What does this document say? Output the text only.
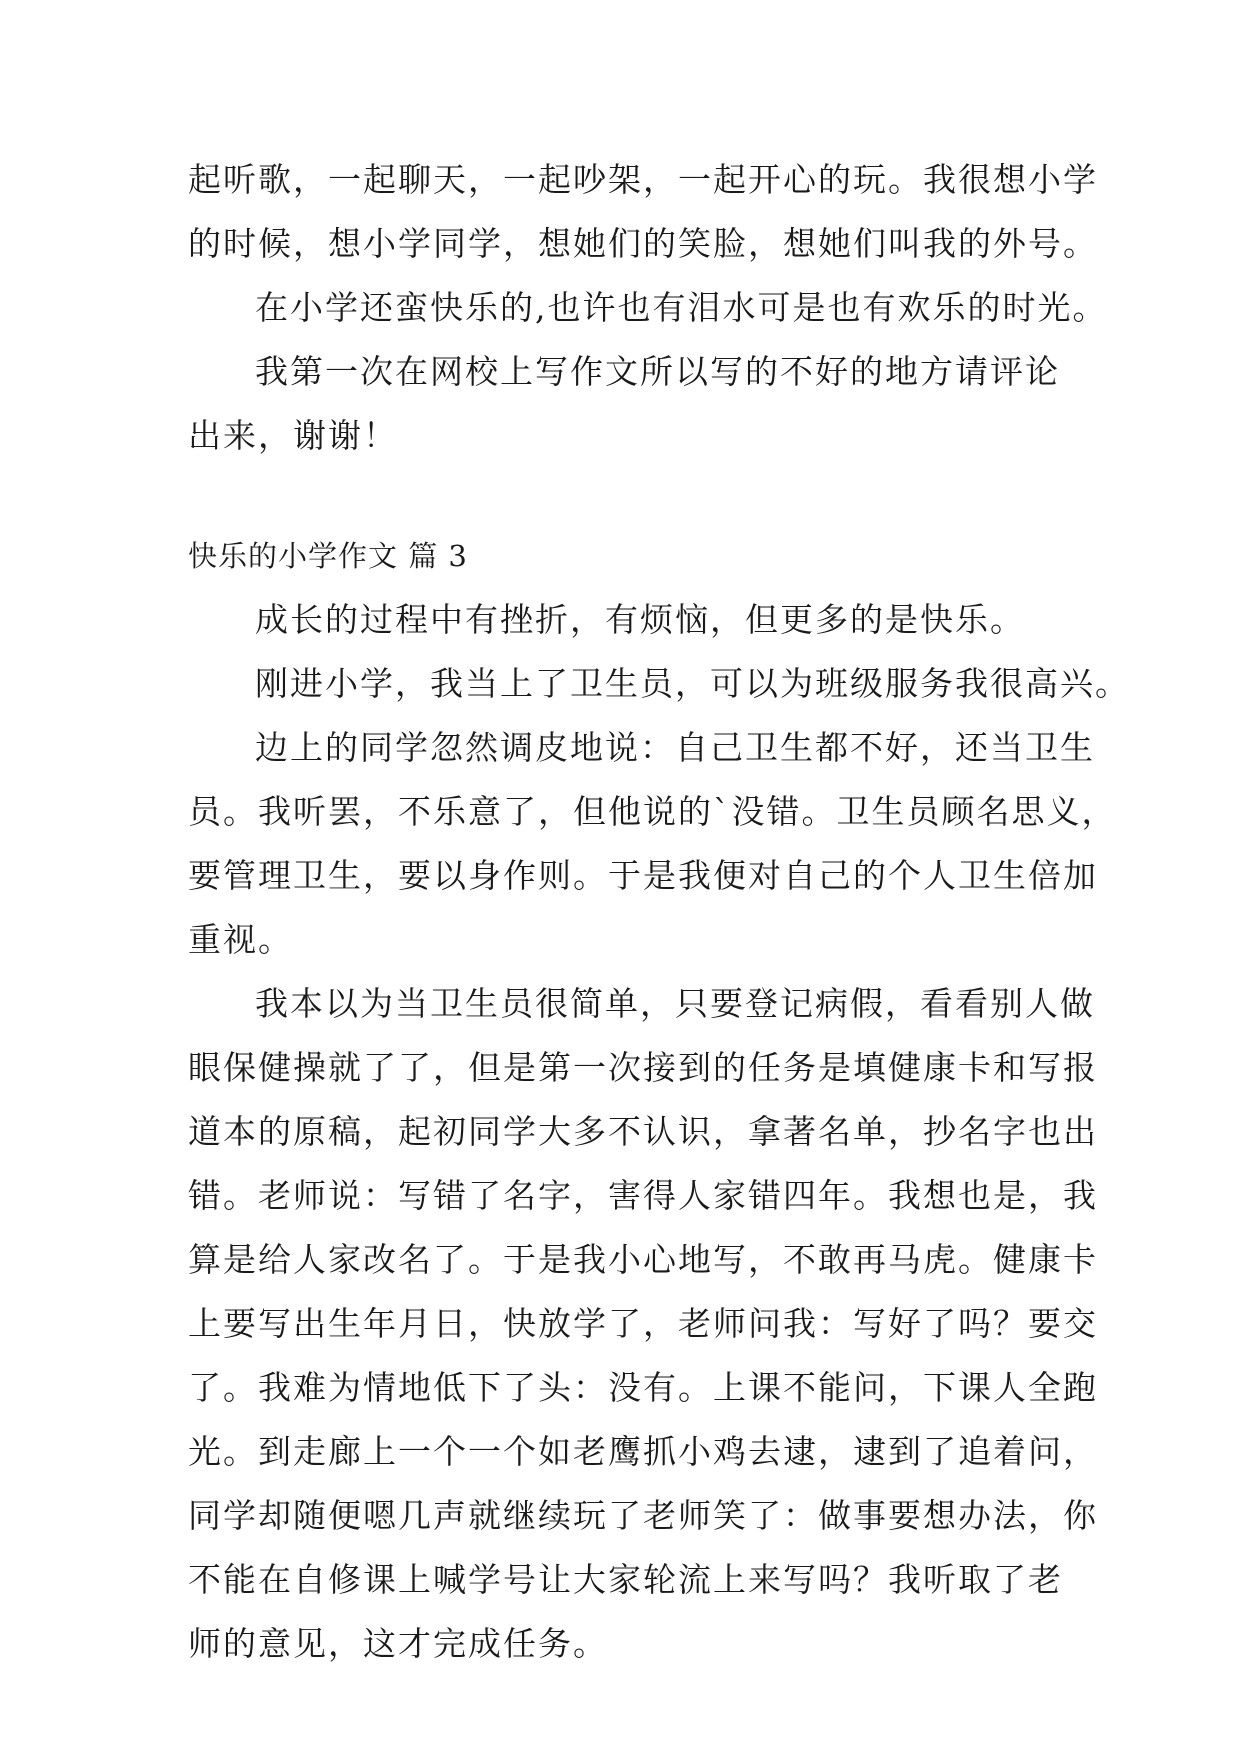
起听歌，一起聊天，一起吵架，一起开心的玩。我很想小学
的时候，想小学同学，想她们的笑脸，想她们叫我的外号。
在小学还蛮快乐的,也许也有泪水可是也有欢乐的时光。
我第一次在网校上写作文所以写的不好的地方请评论
出来，谢谢！
快乐的小学作文 篇 3
成长的过程中有挫折，有烦恼，但更多的是快乐。
刚进小学，我当上了卫生员，可以为班级服务我很高兴。
边上的同学忽然调皮地说：自己卫生都不好，还当卫生
员。我听罢，不乐意了，但他说的`没错。卫生员顾名思义，
要管理卫生，要以身作则。于是我便对自己的个人卫生倍加
重视。
我本以为当卫生员很简单，只要登记病假，看看别人做
眼保健操就了了，但是第一次接到的任务是填健康卡和写报
道本的原稿，起初同学大多不认识，拿著名单，抄名字也出
错。老师说：写错了名字，害得人家错四年。我想也是，我
算是给人家改名了。于是我小心地写，不敢再马虎。健康卡
上要写出生年月日，快放学了，老师问我：写好了吗？要交
了。我难为情地低下了头：没有。上课不能问，下课人全跑
光。到走廊上一个一个如老鹰抓小鸡去逮，逮到了追着问，
同学却随便嗯几声就继续玩了老师笑了：做事要想办法，你
不能在自修课上喊学号让大家轮流上来写吗？我听取了老
师的意见，这才完成任务。
